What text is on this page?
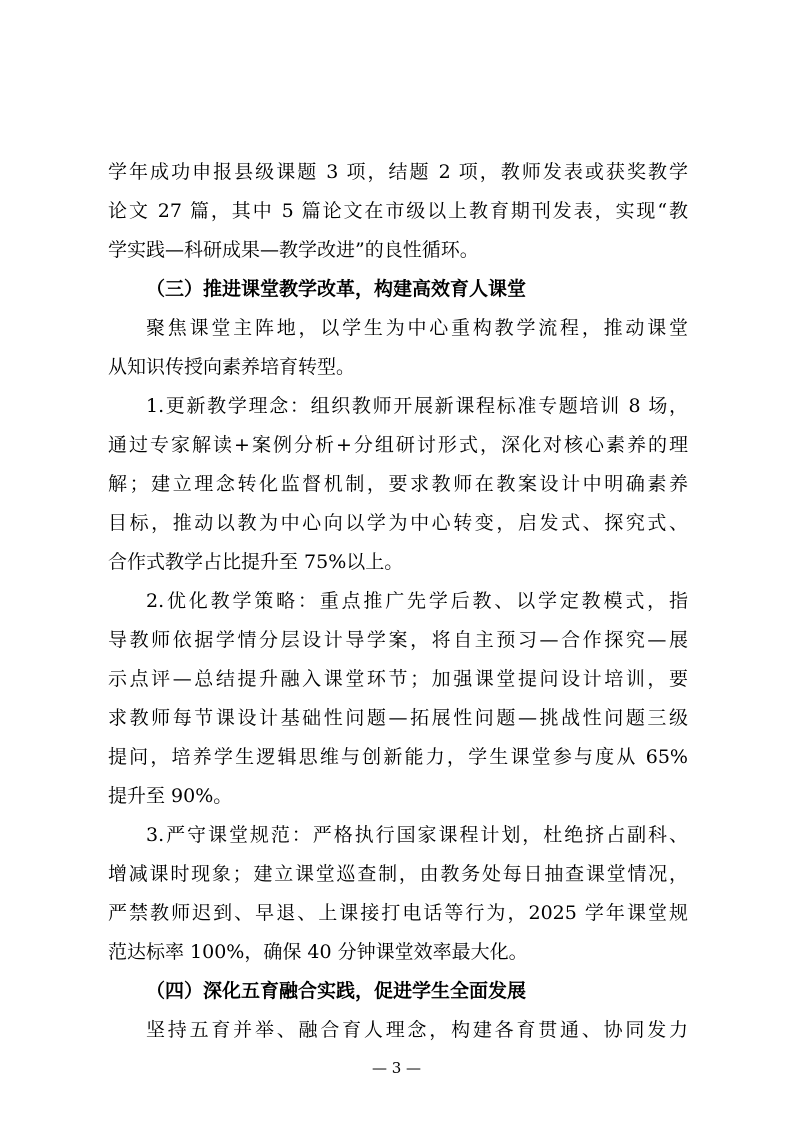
学年成功申报县级课题 3 项，结题 2 项，教师发表或获奖教学
论文 27 篇，其中 5 篇论文在市级以上教育期刊发表，实现“教
学实践—科研成果—教学改进”的良性循环。
（三）推进课堂教学改革，构建高效育人课堂
聚焦课堂主阵地，以学生为中心重构教学流程，推动课堂
从知识传授向素养培育转型。
1.更新教学理念：组织教师开展新课程标准专题培训 8 场，
通过专家解读+案例分析+分组研讨形式，深化对核心素养的理
解；建立理念转化监督机制，要求教师在教案设计中明确素养
目标，推动以教为中心向以学为中心转变，启发式、探究式、
合作式教学占比提升至 75%以上。
2.优化教学策略：重点推广先学后教、以学定教模式，指
导教师依据学情分层设计导学案，将自主预习—合作探究—展
示点评—总结提升融入课堂环节；加强课堂提问设计培训，要
求教师每节课设计基础性问题—拓展性问题—挑战性问题三级
提问，培养学生逻辑思维与创新能力，学生课堂参与度从 65%
提升至 90%。
3.严守课堂规范：严格执行国家课程计划，杜绝挤占副科、
增减课时现象；建立课堂巡查制，由教务处每日抽查课堂情况，
严禁教师迟到、早退、上课接打电话等行为，2025 学年课堂规
范达标率 100%，确保 40 分钟课堂效率最大化。
（四）深化五育融合实践，促进学生全面发展
坚持五育并举、融合育人理念，构建各育贯通、协同发力
— 3 —
